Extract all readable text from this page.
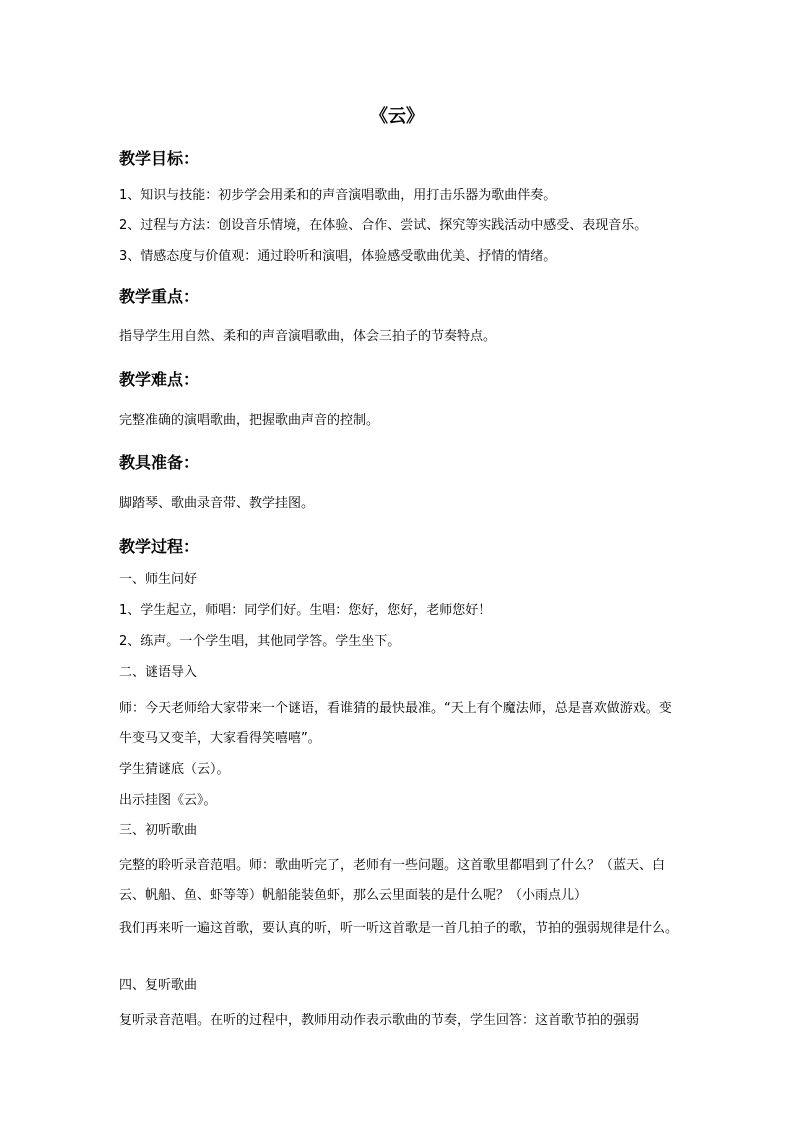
《云》
教学目标：
1、知识与技能：初步学会用柔和的声音演唱歌曲，用打击乐器为歌曲伴奏。
2、过程与方法：创设音乐情境，在体验、合作、尝试、探究等实践活动中感受、表现音乐。
3、情感态度与价值观：通过聆听和演唱，体验感受歌曲优美、抒情的情绪。
教学重点：
指导学生用自然、柔和的声音演唱歌曲，体会三拍子的节奏特点。
教学难点：
完整准确的演唱歌曲，把握歌曲声音的控制。
教具准备：
脚踏琴、歌曲录音带、教学挂图。
教学过程：
一、师生问好
1、学生起立，师唱：同学们好。生唱：您好，您好，老师您好！
2、练声。一个学生唱，其他同学答。学生坐下。
二、谜语导入
师：今天老师给大家带来一个谜语，看谁猜的最快最准。“天上有个魔法师，总是喜欢做游戏。变牛变马又变羊，大家看得笑嘻嘻”。
学生猜谜底（云）。
出示挂图《云》。
三、初听歌曲
完整的聆听录音范唱。师：歌曲听完了，老师有一些问题。这首歌里都唱到了什么？（蓝天、白云、帆船、鱼、虾等等）帆船能装鱼虾，那么云里面装的是什么呢？（小雨点儿）
我们再来听一遍这首歌，要认真的听，听一听这首歌是一首几拍子的歌，节拍的强弱规律是什么。
四、复听歌曲
复听录音范唱。在听的过程中，教师用动作表示歌曲的节奏，学生回答：这首歌节拍的强弱
